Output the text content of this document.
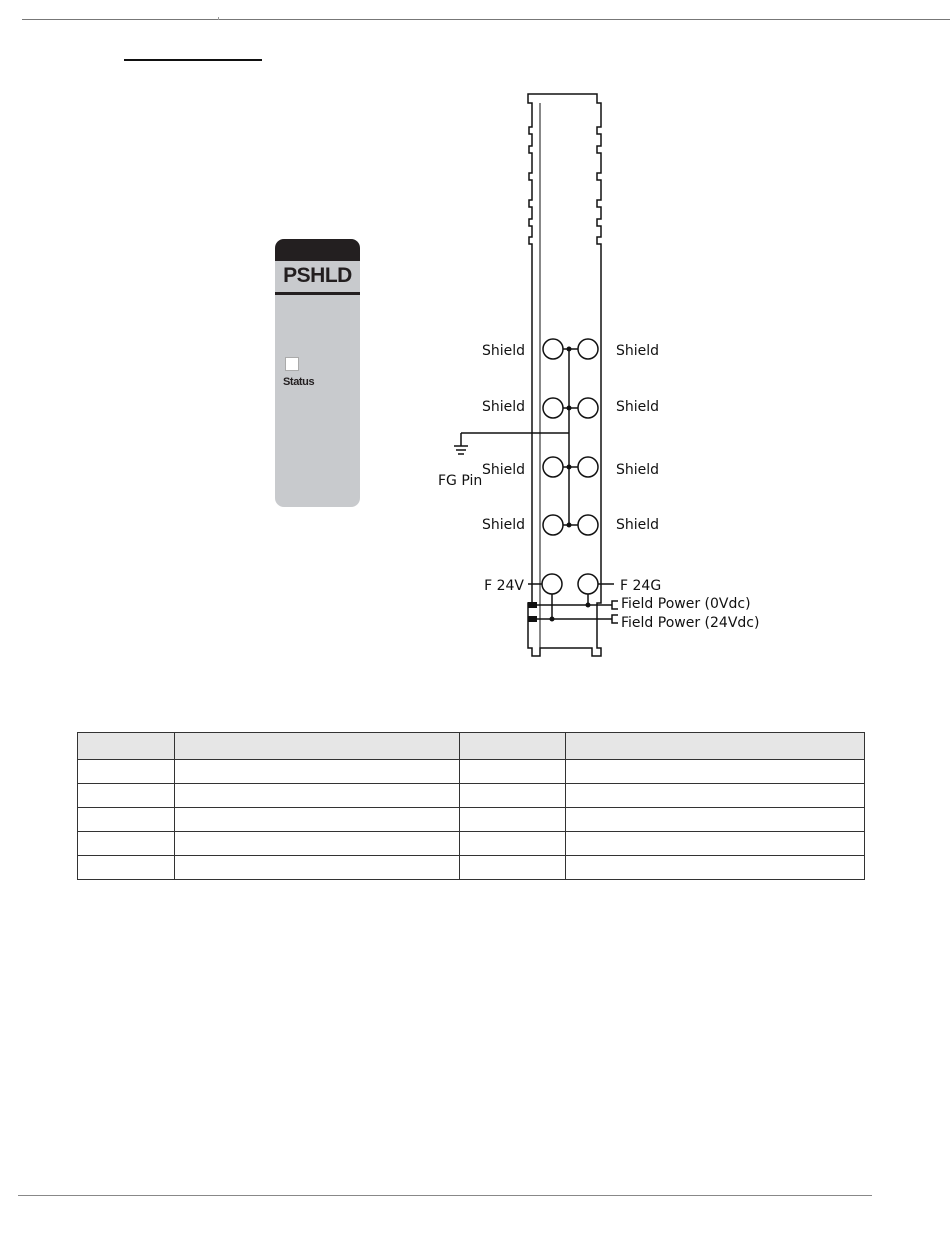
PSHLD
Status
Shield
Shield
Shield
Shield
Shield
Shield
Shield
Shield
FG Pin
F 24V	F 24G
Field Power (0Vdc)
Field Power (24Vdc)
